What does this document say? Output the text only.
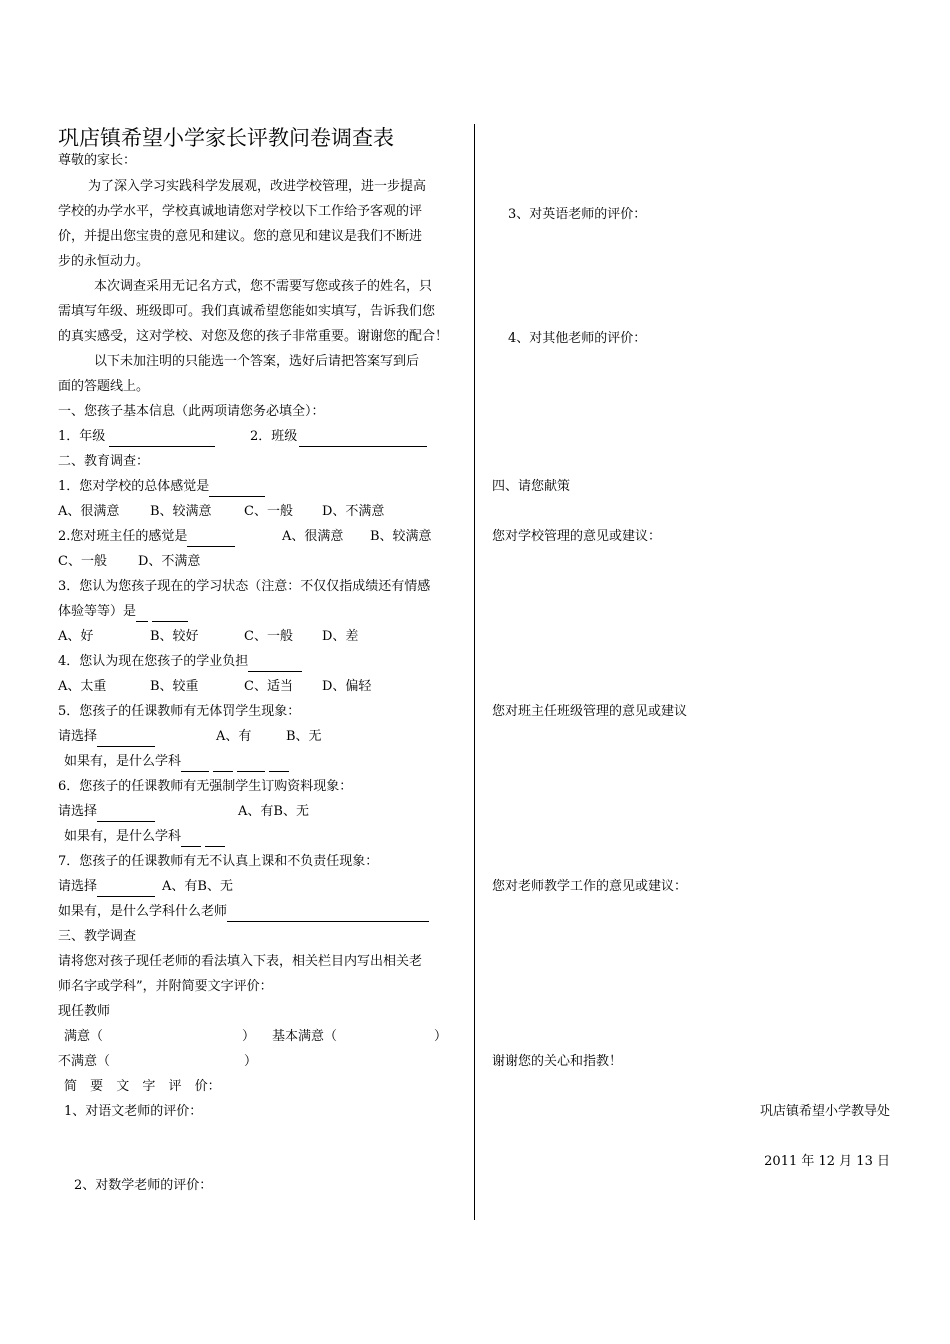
巩店镇希望小学家长评教问卷调查表
尊敬的家长：
为了深入学习实践科学发展观，改进学校管理，进一步提高
学校的办学水平，学校真诚地请您对学校以下工作给予客观的评
价，并提出您宝贵的意见和建议。您的意见和建议是我们不断进
步的永恒动力。
本次调查采用无记名方式，您不需要写您或孩子的姓名，只
需填写年级、班级即可。我们真诚希望您能如实填写，告诉我们您
的真实感受，这对学校、对您及您的孩子非常重要。谢谢您的配合！
以下未加注明的只能选一个答案，选好后请把答案写到后
面的答题线上。
一、您孩子基本信息（此两项请您务必填全）：
1．年级	2．班级
二、教育调查：
1．您对学校的总体感觉是
A、很满意 B、较满意 C、一般 D、不满意
2.您对班主任的感觉是	A、很满意 B、较满意
C、一般 D、不满意
3．您认为您孩子现在的学习状态（注意：不仅仅指成绩还有情感
体验等等）是
A、好	B、较好	C、一般 D、差
4．您认为现在您孩子的学业负担
A、太重	B、较重	C、适当 D、偏轻
5．您孩子的任课教师有无体罚学生现象：
请选择	A、有	B、无
如果有，是什么学科
6．您孩子的任课教师有无强制学生订购资料现象：
请选择	A、有B、无
如果有，是什么学科
7．您孩子的任课教师有无不认真上课和不负责任现象：
请选择	A、有B、无
如果有，是什么学科什么老师
三、教学调查
请将您对孩子现任老师的看法填入下表，相关栏目内写出相关老
师名字或学科”，并附简要文字评价：
现任教师
满意（	） 基本满意（	）
不满意（	）
简 要 文 字 评 价：
1、对语文老师的评价：
2、对数学老师的评价：
3、对英语老师的评价：
4、对其他老师的评价：
四、请您献策
您对学校管理的意见或建议：
您对班主任班级管理的意见或建议
您对老师教学工作的意见或建议：
谢谢您的关心和指教！
巩店镇希望小学教导处
2011 年 12 月 13 日
